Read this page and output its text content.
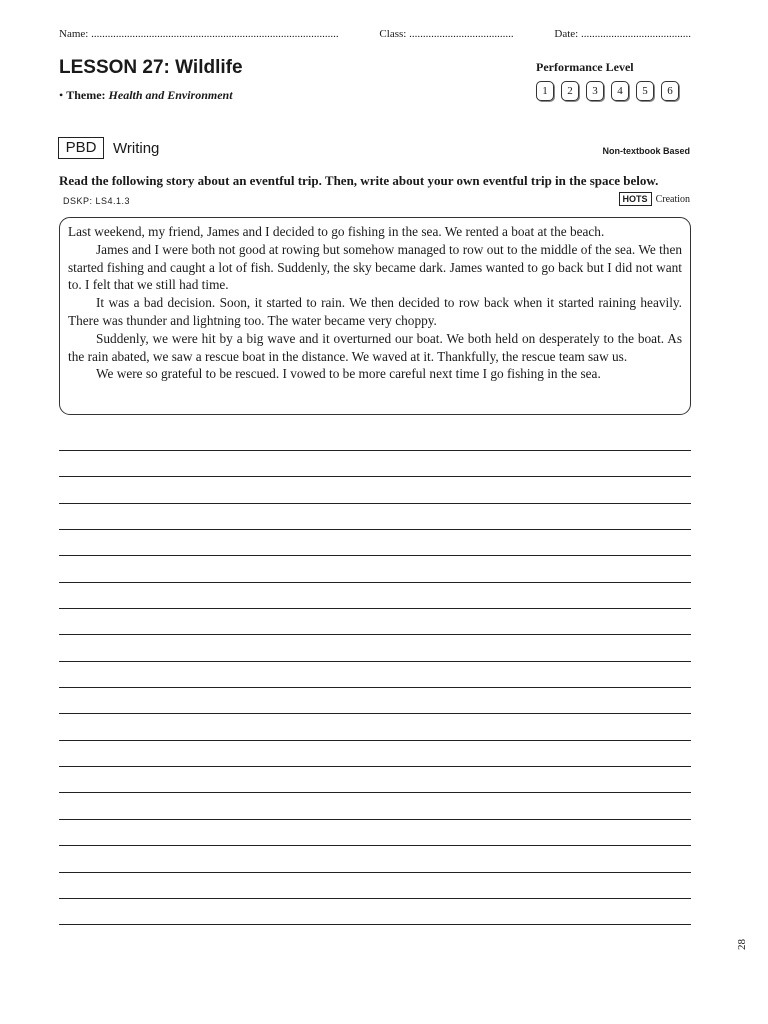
Name: ..........................................................................................	Class: ......................................	Date: ........................................
LESSON 27: Wildlife
• Theme: Health and Environment
Performance Level
1	2	3	4	5	6
PBD	Writing	Non-textbook Based
Read the following story about an eventful trip. Then, write about your own eventful trip in the space below. DSKP: LS4.1.3	HOTS Creation

Last weekend, my friend, James and I decided to go fishing in the sea. We rented a boat at the beach.

James and I were both not good at rowing but somehow managed to row out to the middle of the sea. We then started fishing and caught a lot of fish. Suddenly, the sky became dark. James wanted to go back but I did not want to. I felt that we still had time.

It was a bad decision. Soon, it started to rain. We then decided to row back when it started raining heavily. There was thunder and lightning too. The water became very choppy.

Suddenly, we were hit by a big wave and it overturned our boat. We both held on desperately to the boat. As the rain abated, we saw a rescue boat in the distance. We waved at it. Thankfully, the rescue team saw us.

We were so grateful to be rescued. I vowed to be more careful next time I go fishing in the sea.

28
